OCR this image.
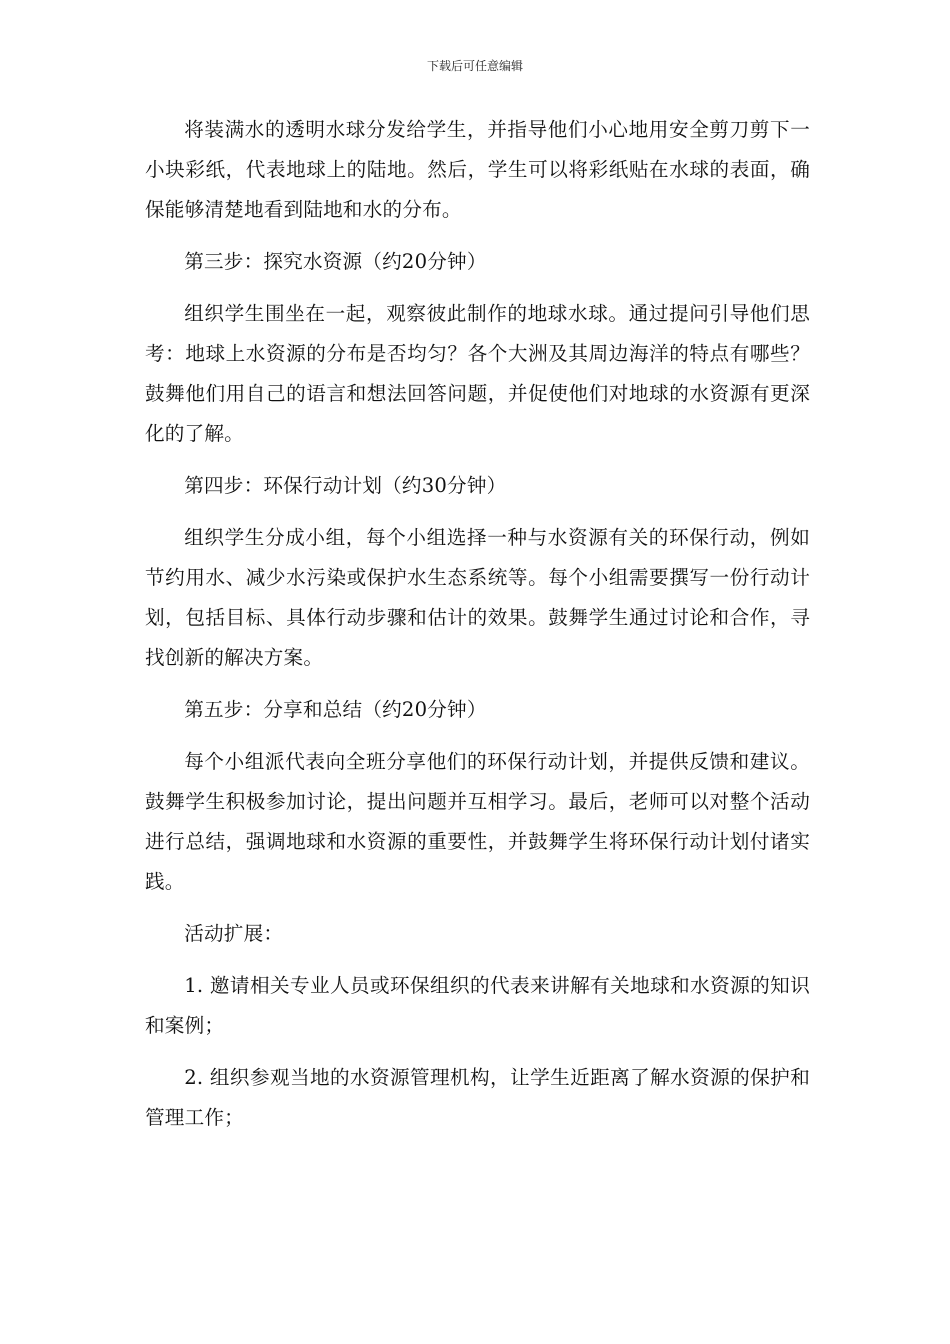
下载后可任意编辑

将装满水的透明水球分发给学生，并指导他们小心地用安全剪刀剪下一小块彩纸，代表地球上的陆地。然后，学生可以将彩纸贴在水球的表面，确保能够清楚地看到陆地和水的分布。

第三步：探究水资源（约20分钟）

组织学生围坐在一起，观察彼此制作的地球水球。通过提问引导他们思考：地球上水资源的分布是否均匀？各个大洲及其周边海洋的特点有哪些？鼓舞他们用自己的语言和想法回答问题，并促使他们对地球的水资源有更深化的了解。

第四步：环保行动计划（约30分钟）

组织学生分成小组，每个小组选择一种与水资源有关的环保行动，例如节约用水、减少水污染或保护水生态系统等。每个小组需要撰写一份行动计划，包括目标、具体行动步骤和估计的效果。鼓舞学生通过讨论和合作，寻找创新的解决方案。

第五步：分享和总结（约20分钟）

每个小组派代表向全班分享他们的环保行动计划，并提供反馈和建议。鼓舞学生积极参加讨论，提出问题并互相学习。最后，老师可以对整个活动进行总结，强调地球和水资源的重要性，并鼓舞学生将环保行动计划付诸实践。

活动扩展：

1. 邀请相关专业人员或环保组织的代表来讲解有关地球和水资源的知识和案例；

2. 组织参观当地的水资源管理机构，让学生近距离了解水资源的保护和管理工作；
